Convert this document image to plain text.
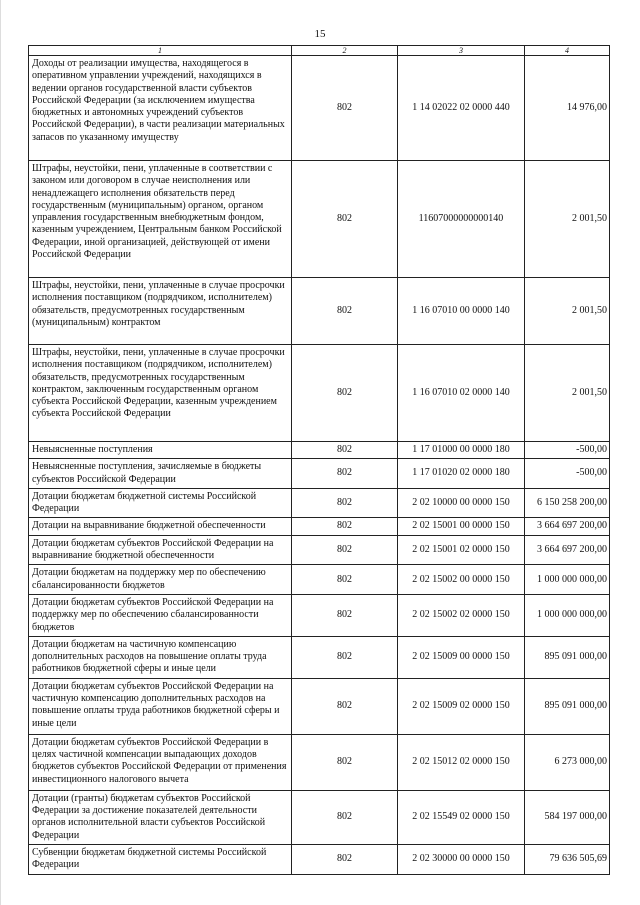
15
1	2	3	4
Доходы от реализации имущества, находящегося в оперативном управлении учреждений, находящихся в ведении органов государственной власти субъектов Российской Федерации (за исключением имущества бюджетных и автономных учреждений субъектов Российской Федерации), в части реализации материальных запасов по указанному имуществу	802	1 14 02022 02 0000 440	14 976,00
Штрафы, неустойки, пени, уплаченные в соответствии с законом или договором в случае неисполнения или ненадлежащего исполнения обязательств перед государственным (муниципальным) органом, органом управления государственным внебюджетным фондом, казенным учреждением, Центральным банком Российской Федерации, иной организацией, действующей от имени Российской Федерации	802	11607000000000140	2 001,50
Штрафы, неустойки, пени, уплаченные в случае просрочки исполнения поставщиком (подрядчиком, исполнителем) обязательств, предусмотренных государственным (муниципальным) контрактом	802	1 16 07010 00 0000 140	2 001,50
Штрафы, неустойки, пени, уплаченные в случае просрочки исполнения поставщиком (подрядчиком, исполнителем) обязательств, предусмотренных государственным контрактом, заключенным государственным органом субъекта Российской Федерации, казенным учреждением субъекта Российской Федерации	802	1 16 07010 02 0000 140	2 001,50
Невыясненные поступления	802	1 17 01000 00 0000 180	-500,00
Невыясненные поступления, зачисляемые в бюджеты субъектов Российской Федерации	802	1 17 01020 02 0000 180	-500,00
Дотации бюджетам бюджетной системы Российской Федерации	802	2 02 10000 00 0000 150	6 150 258 200,00
Дотации на выравнивание бюджетной обеспеченности	802	2 02 15001 00 0000 150	3 664 697 200,00
Дотации бюджетам субъектов Российской Федерации на выравнивание бюджетной обеспеченности	802	2 02 15001 02 0000 150	3 664 697 200,00
Дотации бюджетам на поддержку мер по обеспечению сбалансированности бюджетов	802	2 02 15002 00 0000 150	1 000 000 000,00
Дотации бюджетам субъектов Российской Федерации на поддержку мер по обеспечению сбалансированности бюджетов	802	2 02 15002 02 0000 150	1 000 000 000,00
Дотации бюджетам на частичную компенсацию дополнительных расходов на повышение оплаты труда работников бюджетной сферы и иные цели	802	2 02 15009 00 0000 150	895 091 000,00
Дотации бюджетам субъектов Российской Федерации на частичную компенсацию дополнительных расходов на повышение оплаты труда работников бюджетной сферы и иные цели	802	2 02 15009 02 0000 150	895 091 000,00
Дотации бюджетам субъектов Российской Федерации в целях частичной компенсации выпадающих доходов бюджетов субъектов Российской Федерации от применения инвестиционного налогового вычета	802	2 02 15012 02 0000 150	6 273 000,00
Дотации (гранты) бюджетам субъектов Российской Федерации за достижение показателей деятельности органов исполнительной власти субъектов Российской Федерации	802	2 02 15549 02 0000 150	584 197 000,00
Субвенции бюджетам бюджетной системы Российской Федерации	802	2 02 30000 00 0000 150	79 636 505,69
